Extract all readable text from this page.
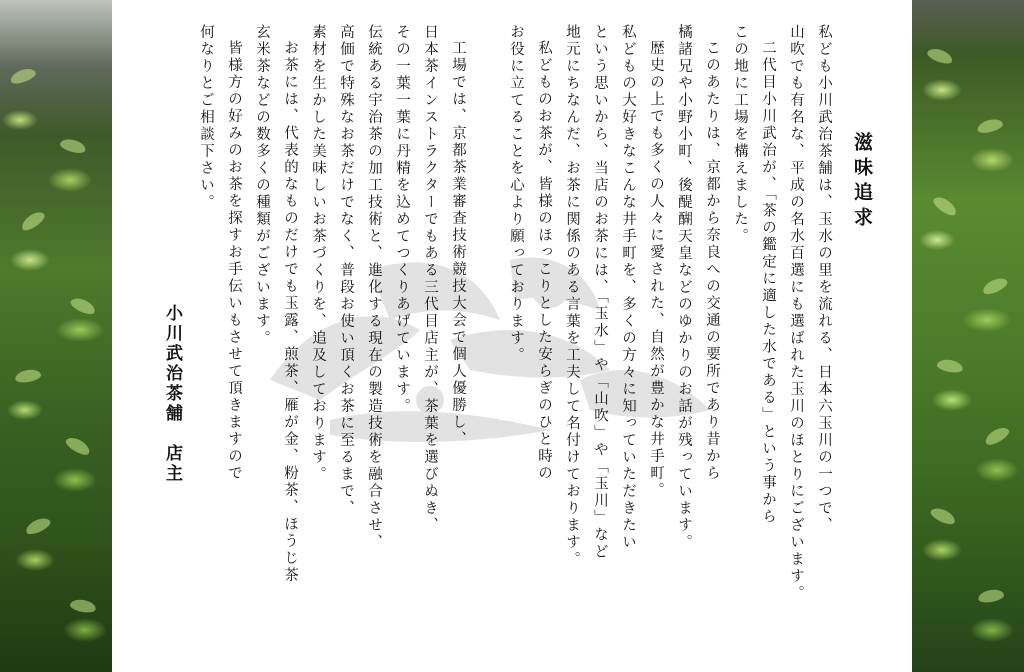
滋味追求
私ども小川武治茶舗は、玉水の里を流れる、日本六玉川の一つで、
山吹でも有名な、平成の名水百選にも選ばれた玉川のほとりにございます。
二代目小川武治が、「茶の鑑定に適した水である」という事から
この地に工場を構えました。
このあたりは、京都から奈良への交通の要所であり昔から
橘諸兄や小野小町、後醍醐天皇などのゆかりのお話が残っています。
歴史の上でも多くの人々に愛された、自然が豊かな井手町。
私どもの大好きなこんな井手町を、多くの方々に知っていただきたい
という思いから、当店のお茶には、「玉水」や「山吹」や「玉川」など
地元にちなんだ、お茶に関係のある言葉を工夫して名付けております。
私どものお茶が、皆様のほっこりとした安らぎのひと時の
お役に立てることを心より願っております。
工場では、京都茶業審査技術競技大会で個人優勝し、
日本茶インストラクターでもある三代目店主が、茶葉を選びぬき、
その一葉一葉に丹精を込めてつくりあげています。
伝統ある宇治茶の加工技術と、進化する現在の製造技術を融合させ、
高価で特殊なお茶だけでなく、普段お使い頂くお茶に至るまで、
素材を生かした美味しいお茶づくりを、追及しております。
お茶には、代表的なものだけでも玉露、煎茶、雁が金、粉茶、ほうじ茶
玄米茶などの数多くの種類がございます。
皆様方の好みのお茶を探すお手伝いもさせて頂きますので
何なりとご相談下さい。
小川武治茶舗　店主
